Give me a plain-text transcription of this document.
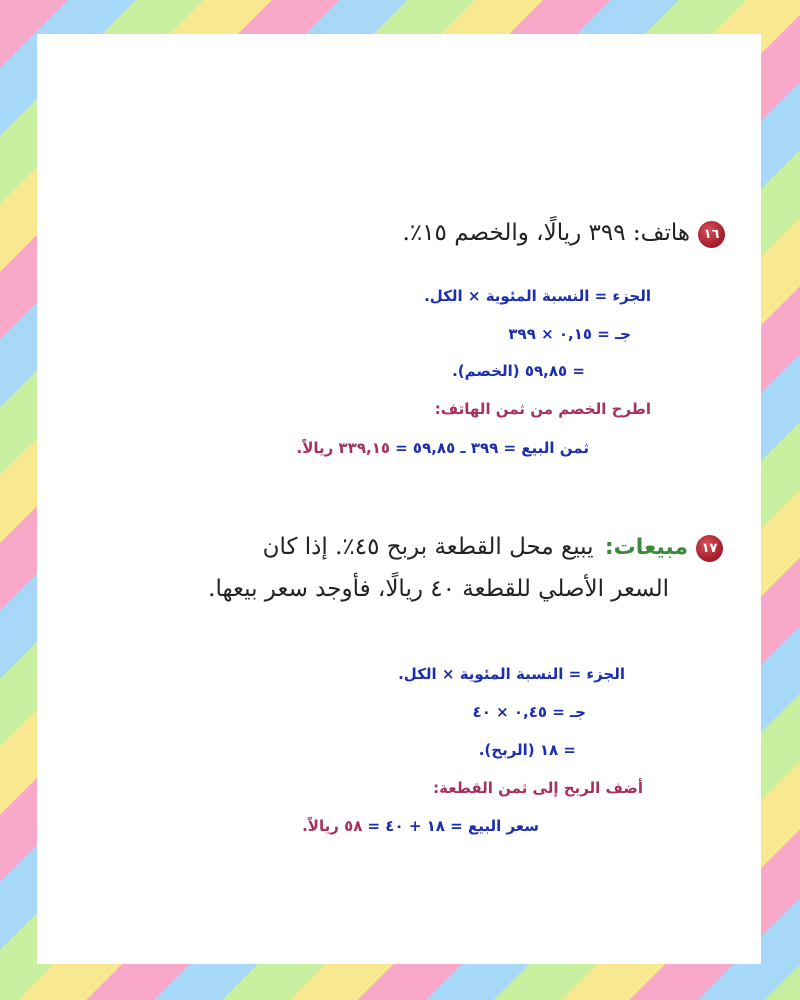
١٦هاتف: ٣٩٩ ريالًا، والخصم ١٥٪.
الجزء = النسبة المئوية × الكل.
جـ = ٠,١٥ × ٣٩٩
= ٥٩,٨٥ (الخصم).
اطرح الخصم من ثمن الهاتف:
ثمن البيع = ٣٩٩ ـ ٥٩,٨٥ = ٣٣٩,١٥ ريالاً.
١٧مبيعات: يبيع محل القطعة بربح ٤٥٪. إذا كان
السعر الأصلي للقطعة ٤٠ ريالًا، فأوجد سعر بيعها.
الجزء = النسبة المئوية × الكل.
جـ = ٠,٤٥ × ٤٠
= ١٨ (الربح).
أضف الربح إلى ثمن القطعة:
سعر البيع = ١٨ + ٤٠ = ٥٨ ريالاً.
